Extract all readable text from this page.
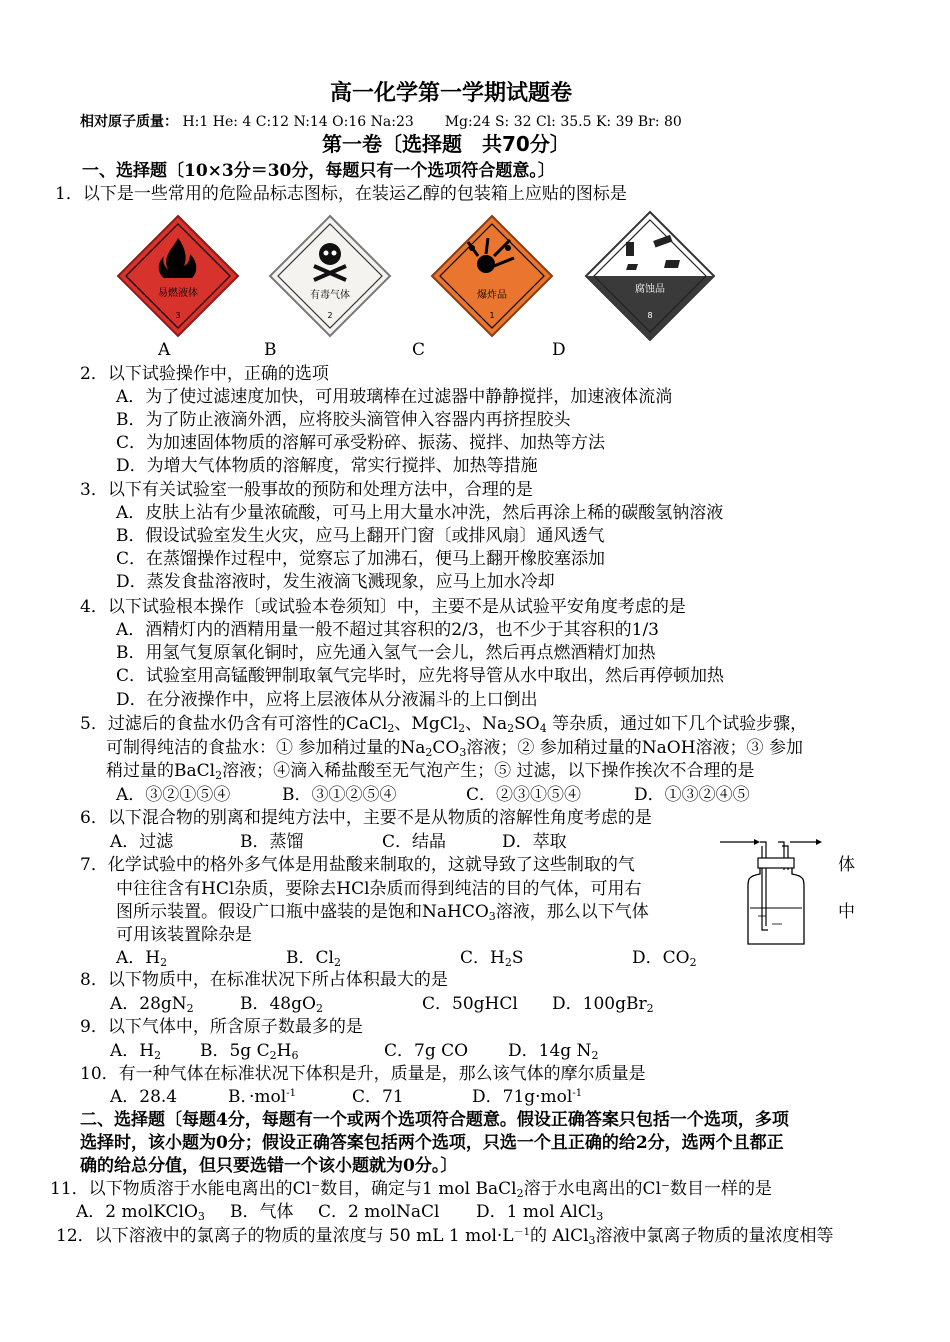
高一化学第一学期试题卷
相对原子质量： H:1 He: 4 C:12 N:14 O:16 Na:23 Mg:24 S: 32 Cl: 35.5 K: 39 Br: 80
第一卷〔选择题　共70分〕
一、选择题〔10×3分＝30分，每题只有一个选项符合题意。〕
1．以下是一些常用的危险品标志图标，在装运乙醇的包装箱上应贴的图标是
易燃液体
3
有毒气体
2
爆炸品
1
腐蚀品
8
A	B	C	D
2．以下试验操作中，正确的选项
A．为了使过滤速度加快，可用玻璃棒在过滤器中静静搅拌，加速液体流淌
B．为了防止液滴外洒，应将胶头滴管伸入容器内再挤捏胶头
C．为加速固体物质的溶解可承受粉碎、振荡、搅拌、加热等方法
D．为增大气体物质的溶解度，常实行搅拌、加热等措施
3．以下有关试验室一般事故的预防和处理方法中，合理的是
A．皮肤上沾有少量浓硫酸，可马上用大量水冲洗，然后再涂上稀的碳酸氢钠溶液
B．假设试验室发生火灾，应马上翻开门窗〔或排风扇〕通风透气
C．在蒸馏操作过程中，觉察忘了加沸石，便马上翻开橡胶塞添加
D．蒸发食盐溶液时，发生液滴飞溅现象，应马上加水冷却
4．以下试验根本操作〔或试验本卷须知〕中，主要不是从试验平安角度考虑的是
A．酒精灯内的酒精用量一般不超过其容积的2/3，也不少于其容积的1/3
B．用氢气复原氧化铜时，应先通入氢气一会儿，然后再点燃酒精灯加热
C．试验室用高锰酸钾制取氧气完毕时，应先将导管从水中取出，然后再停顿加热
D．在分液操作中，应将上层液体从分液漏斗的上口倒出
5．过滤后的食盐水仍含有可溶性的CaCl$_2$、MgCl$_2$、$Na_2SO_4$ 等杂质，通过如下几个试验步骤，
可制得纯洁的食盐水：① 参加稍过量的$Na_2CO_3$溶液；② 参加稍过量的NaOH溶液；③ 参加
稍过量的BaCl$_2$溶液；④滴入稀盐酸至无气泡产生；⑤ 过滤，以下操作挨次不合理的是
A．③②①⑤④	B．③①②⑤④	C．②③①⑤④	D．①③②④⑤
6．以下混合物的别离和提纯方法中，主要不是从物质的溶解性角度考虑的是
A．过滤	B．蒸馏	C．结晶	D．萃取
7．化学试验中的格外多气体是用盐酸来制取的，这就导致了这些制取的气	体
中往往含有HCl杂质，要除去HCl杂质而得到纯洁的目的气体，可用右
图所示装置。假设广口瓶中盛装的是饱和NaHCO$_3$溶液，那么以下气体	中
可用该装置除杂是
A．$H_2$	B．$Cl_2$	C．$H_2S$	D．$CO_2$
8．以下物质中，在标准状况下所占体积最大的是
A．$28gN_2$	B．$48gO_2$	C．50gHCl D．100gBr$_2$
9．以下气体中，所含原子数最多的是
A．$H_2$ B．5g $C_2H_6$	C．7g CO D．14g $N_2$
10．有一种气体在标准状况下体积是升，质量是，那么该气体的摩尔质量是
A．28.4	B．·mol$^{-1}$	C．71	D．71g·mol$^{-1}$
二、选择题〔每题4分，每题有一个或两个选项符合题意。假设正确答案只包括一个选项，多项
选择时，该小题为0分；假设正确答案包括两个选项，只选一个且正确的给2分，选两个且都正
确的给总分值，但只要选错一个该小题就为0分。〕
11．以下物质溶于水能电离出的Cl⁻数目，确定与1 mol BaCl$_2$溶于水电离出的Cl⁻数目一样的是
A．2 molKClO$_3$ B．气体 C．2 molNaCl D．1 mol AlCl$_3$
12．以下溶液中的氯离子的物质的量浓度与 50 mL 1 $mol\cdot L^{-1}$的 AlCl$_3$溶液中氯离子物质的量浓度相等
